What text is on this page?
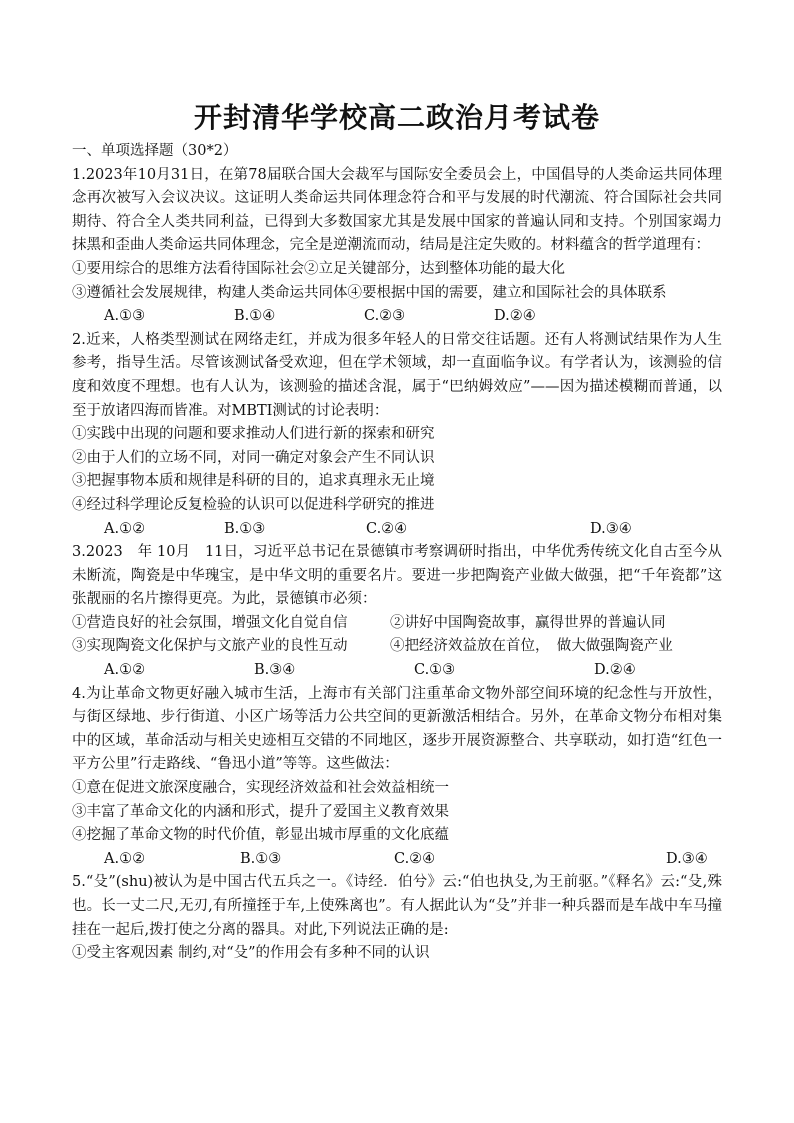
开封清华学校高二政治月考试卷

一、单项选择题（30*2）

1.2023年10月31日，在第78届联合国大会裁军与国际安全委员会上，中国倡导的人类命运共同体理念再次被写入会议决议。这证明人类命运共同体理念符合和平与发展的时代潮流、符合国际社会共同期待、符合全人类共同利益，已得到大多数国家尤其是发展中国家的普遍认同和支持。个别国家竭力抹黑和歪曲人类命运共同体理念，完全是逆潮流而动，结局是注定失败的。材料蕴含的哲学道理有：

①要用综合的思维方法看待国际社会②立足关键部分，达到整体功能的最大化

③遵循社会发展规律，构建人类命运共同体④要根据中国的需要，建立和国际社会的具体联系

A.①③	B.①④	C.②③	D.②④

2.近来，人格类型测试在网络走红，并成为很多年轻人的日常交往话题。还有人将测试结果作为人生参考，指导生活。尽管该测试备受欢迎，但在学术领域，却一直面临争议。有学者认为，该测验的信度和效度不理想。也有人认为，该测验的描述含混，属于“巴纳姆效应”——因为描述模糊而普通，以至于放诸四海而皆准。对MBTI测试的讨论表明：

①实践中出现的问题和要求推动人们进行新的探索和研究

②由于人们的立场不同，对同一确定对象会产生不同认识

③把握事物本质和规律是科研的目的，追求真理永无止境

④经过科学理论反复检验的认识可以促进科学研究的推进

A.①②	B.①③	C.②④	D.③④

3.2023　年 10月　11日，习近平总书记在景德镇市考察调研时指出，中华优秀传统文化自古至今从未断流，陶瓷是中华瑰宝，是中华文明的重要名片。要进一步把陶瓷产业做大做强，把“千年瓷都”这张靓丽的名片擦得更亮。为此，景德镇市必须：

①营造良好的社会氛围，增强文化自觉自信	②讲好中国陶瓷故事，赢得世界的普遍认同
③实现陶瓷文化保护与文旅产业的良性互动	④把经济效益放在首位，　做大做强陶瓷产业
A.①②	B.③④	C.①③	D.②④

4.为让革命文物更好融入城市生活，上海市有关部门注重革命文物外部空间环境的纪念性与开放性，与街区绿地、步行街道、小区广场等活力公共空间的更新激活相结合。另外，在革命文物分布相对集中的区域，革命活动与相关史迹相互交错的不同地区，逐步开展资源整合、共享联动，如打造“红色一平方公里”行走路线、“鲁迅小道”等等。这些做法：

①意在促进文旅深度融合，实现经济效益和社会效益相统一

③丰富了革命文化的内涵和形式，提升了爱国主义教育效果

④挖掘了革命文物的时代价值，彰显出城市厚重的文化底蕴

A.①②	B.①③	C.②④	D.③④

5.“殳”(shu)被认为是中国古代五兵之一。《诗经．伯兮》云:“伯也执殳,为王前驱。”《释名》云:“殳,殊也。长一丈二尺,无刃,有所撞挃于车,上使殊离也”。有人据此认为“殳”并非一种兵器而是车战中车马撞挂在一起后,拨打使之分离的器具。对此,下列说法正确的是:

①受主客观因素 制约,对“殳”的作用会有多种不同的认识
